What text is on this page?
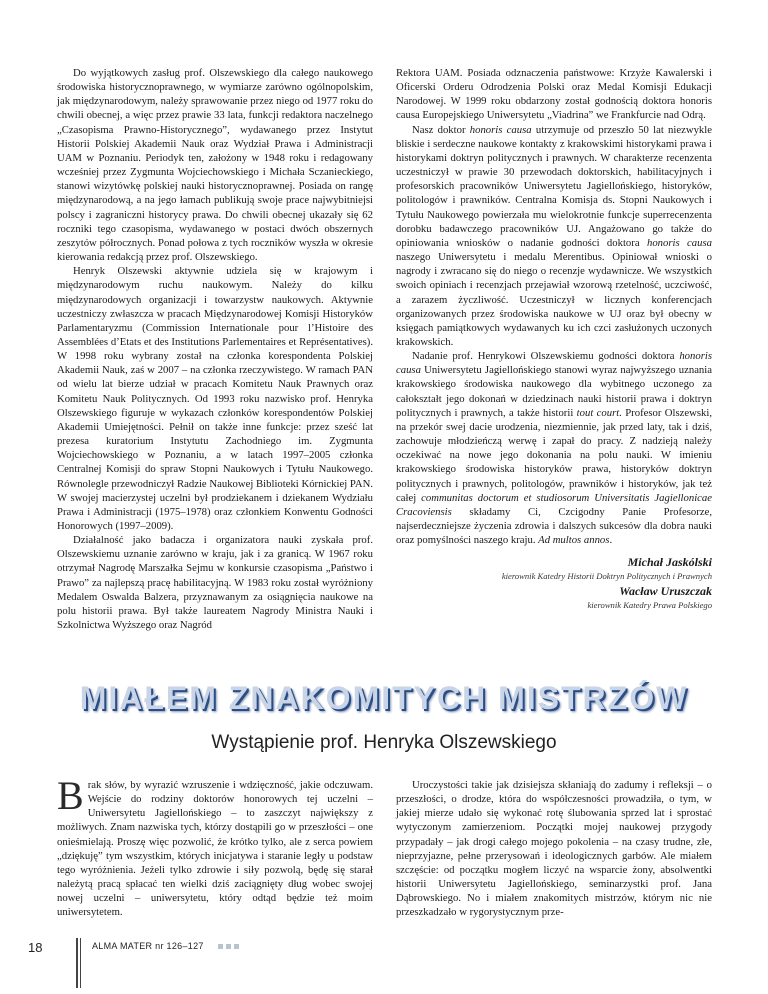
Do wyjątkowych zasług prof. Olszewskiego dla całego naukowego środowiska historycznoprawnego, w wymiarze zarówno ogólnopolskim, jak międzynarodowym, należy sprawowanie przez niego od 1977 roku do chwili obecnej, a więc przez prawie 33 lata, funkcji redaktora naczelnego „Czasopisma Prawno-Historycznego”, wydawanego przez Instytut Historii Polskiej Akademii Nauk oraz Wydział Prawa i Administracji UAM w Poznaniu. Periodyk ten, założony w 1948 roku i redagowany wcześniej przez Zygmunta Wojciechowskiego i Michała Sczanieckiego, stanowi wizytówkę polskiej nauki historycznoprawnej. Posiada on rangę międzynarodową, a na jego łamach publikują swoje prace najwybitniejsi polscy i zagraniczni historycy prawa. Do chwili obecnej ukazały się 62 roczniki tego czasopisma, wydawanego w postaci dwóch obszernych zeszytów półrocznych. Ponad połowa z tych roczników wyszła w okresie kierowania redakcją przez prof. Olszewskiego.

Henryk Olszewski aktywnie udziela się w krajowym i międzynarodowym ruchu naukowym. Należy do kilku międzynarodowych organizacji i towarzystw naukowych. Aktywnie uczestniczy zwłaszcza w pracach Międzynarodowej Komisji Historyków Parlamentaryzmu (Commission Internationale pour l’Histoire des Assemblées d’Etats et des Institutions Parlementaires et Représentatives). W 1998 roku wybrany został na członka korespondenta Polskiej Akademii Nauk, zaś w 2007 – na członka rzeczywistego. W ramach PAN od wielu lat bierze udział w pracach Komitetu Nauk Prawnych oraz Komitetu Nauk Politycznych. Od 1993 roku nazwisko prof. Henryka Olszewskiego figuruje w wykazach członków korespondentów Polskiej Akademii Umiejętności. Pełnił on także inne funkcje: przez sześć lat prezesa kuratorium Instytutu Zachodniego im. Zygmunta Wojciechowskiego w Poznaniu, a w latach 1997–2005 członka Centralnej Komisji do spraw Stopni Naukowych i Tytułu Naukowego. Równolegle przewodniczył Radzie Naukowej Biblioteki Kórnickiej PAN. W swojej macierzystej uczelni był prodziekanem i dziekanem Wydziału Prawa i Administracji (1975–1978) oraz członkiem Konwentu Godności Honorowych (1997–2009).

Działalność jako badacza i organizatora nauki zyskała prof. Olszewskiemu uznanie zarówno w kraju, jak i za granicą. W 1967 roku otrzymał Nagrodę Marszałka Sejmu w konkursie czasopisma „Państwo i Prawo” za najlepszą pracę habilitacyjną. W 1983 roku został wyróżniony Medalem Oswalda Balzera, przyznawanym za osiągnięcia naukowe na polu historii prawa. Był także laureatem Nagrody Ministra Nauki i Szkolnictwa Wyższego oraz Nagród

Rektora UAM. Posiada odznaczenia państwowe: Krzyże Kawalerski i Oficerski Orderu Odrodzenia Polski oraz Medal Komisji Edukacji Narodowej. W 1999 roku obdarzony został godnością doktora honoris causa Europejskiego Uniwersytetu „Viadrina” we Frankfurcie nad Odrą.

Nasz doktor honoris causa utrzymuje od przeszło 50 lat niezwykle bliskie i serdeczne naukowe kontakty z krakowskimi historykami prawa i historykami doktryn politycznych i prawnych. W charakterze recenzenta uczestniczył w prawie 30 przewodach doktorskich, habilitacyjnych i profesorskich pracowników Uniwersytetu Jagiellońskiego, historyków, politologów i prawników. Centralna Komisja ds. Stopni Naukowych i Tytułu Naukowego powierzała mu wielokrotnie funkcje superrecenzenta dorobku badawczego pracowników UJ. Angażowano go także do opiniowania wniosków o nadanie godności doktora honoris causa naszego Uniwersytetu i medalu Merentibus. Opiniował wnioski o nagrody i zwracano się do niego o recenzje wydawnicze. We wszystkich swoich opiniach i recenzjach przejawiał wzorową rzetelność, uczciwość, a zarazem życzliwość. Uczestniczył w licznych konferencjach organizowanych przez środowiska naukowe w UJ oraz był obecny w księgach pamiątkowych wydawanych ku ich czci zasłużonych uczonych krakowskich.

Nadanie prof. Henrykowi Olszewskiemu godności doktora honoris causa Uniwersytetu Jagiellońskiego stanowi wyraz najwyższego uznania krakowskiego środowiska naukowego dla wybitnego uczonego za całokształt jego dokonań w dziedzinach nauki historii prawa i doktryn politycznych i prawnych, a także historii tout court. Profesor Olszewski, na przekór swej dacie urodzenia, niezmiennie, jak przed laty, tak i dziś, zachowuje młodzieńczą werwę i zapał do pracy. Z nadzieją należy oczekiwać na nowe jego dokonania na polu nauki. W imieniu krakowskiego środowiska historyków prawa, historyków doktryn politycznych i prawnych, politologów, prawników i historyków, jak też całej communitas doctorum et studiosorum Universitatis Jagiellonicae Cracoviensis składamy Ci, Czcigodny Panie Profesorze, najserdeczniejsze życzenia zdrowia i dalszych sukcesów dla dobra nauki oraz pomyślności naszego kraju. Ad multos annos.

Michał Jaskólski
kierownik Katedry Historii Doktryn Politycznych i Prawnych
Wacław Uruszczak
kierownik Katedry Prawa Polskiego
MIAŁEM ZNAKOMITYCH MISTRZÓW
Wystąpienie prof. Henryka Olszewskiego

Brak słów, by wyrazić wzruszenie i wdzięczność, jakie odczuwam. Wejście do rodziny doktorów honorowych tej uczelni – Uniwersytetu Jagiellońskiego – to zaszczyt największy z możliwych. Znam nazwiska tych, którzy dostąpili go w przeszłości – one onieśmielają. Proszę więc pozwolić, że krótko tylko, ale z serca powiem „dziękuję” tym wszystkim, których inicjatywa i staranie legły u podstaw tego wyróżnienia. Jeżeli tylko zdrowie i siły pozwolą, będę się starał należytą pracą spłacać ten wielki dziś zaciągnięty dług wobec swojej nowej uczelni – uniwersytetu, który odtąd będzie też moim uniwersytetem.

Uroczystości takie jak dzisiejsza skłaniają do zadumy i refleksji – o przeszłości, o drodze, która do współczesności prowadziła, o tym, w jakiej mierze udało się wykonać rotę ślubowania sprzed lat i sprostać wytyczonym zamierzeniom. Początki mojej naukowej przygody przypadały – jak drogi całego mojego pokolenia – na czasy trudne, złe, nieprzyjazne, pełne przerysowań i ideologicznych garbów. Ale miałem szczęście: od początku mogłem liczyć na wsparcie żony, absolwentki historii Uniwersytetu Jagiellońskiego, seminarzystki prof. Jana Dąbrowskiego. No i miałem znakomitych mistrzów, którym nic nie przeszkadzało w rygorystycznym prze-

18	ALMA MATER nr 126–127
